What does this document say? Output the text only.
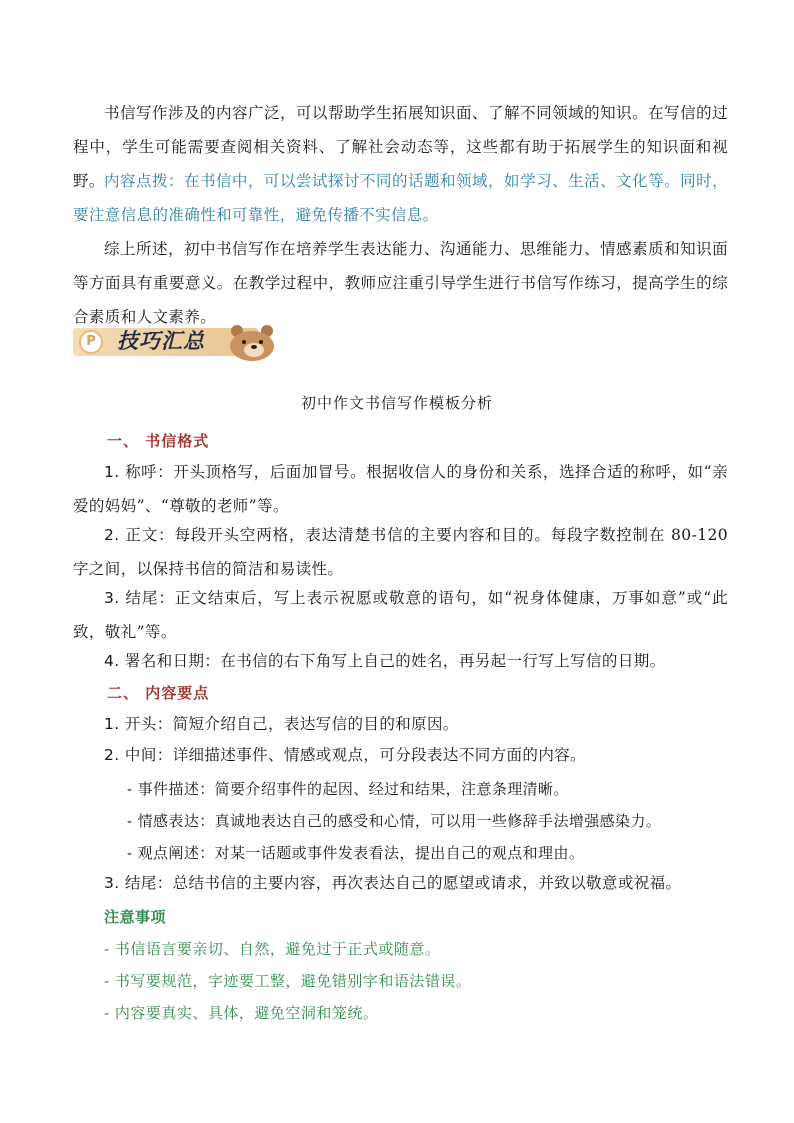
书信写作涉及的内容广泛，可以帮助学生拓展知识面、了解不同领域的知识。在写信的过程中，学生可能需要查阅相关资料、了解社会动态等，这些都有助于拓展学生的知识面和视野。 内容点拨：在书信中，可以尝试探讨不同的话题和领域，如学习、生活、文化等。同时，要注意信息的准确性和可靠性，避免传播不实信息。

综上所述，初中书信写作在培养学生表达能力、沟通能力、思维能力、情感素质和知识面等方面具有重要意义。在教学过程中，教师应注重引导学生进行书信写作练习，提高学生的综合素质和人文素养。

P	技巧汇总

初中作文书信写作模板分析

一、 书信格式

1. 称呼：开头顶格写，后面加冒号。根据收信人的身份和关系，选择合适的称呼，如“亲爱的妈妈”、“尊敬的老师”等。

2. 正文：每段开头空两格，表达清楚书信的主要内容和目的。每段字数控制在 80-120 字之间，以保持书信的简洁和易读性。

3. 结尾：正文结束后，写上表示祝愿或敬意的语句，如“祝身体健康，万事如意”或“此致，敬礼”等。

4. 署名和日期：在书信的右下角写上自己的姓名，再另起一行写上写信的日期。

二、 内容要点

1. 开头：简短介绍自己，表达写信的目的和原因。

2. 中间：详细描述事件、情感或观点，可分段表达不同方面的内容。

- 事件描述：简要介绍事件的起因、经过和结果，注意条理清晰。

- 情感表达：真诚地表达自己的感受和心情，可以用一些修辞手法增强感染力。

- 观点阐述：对某一话题或事件发表看法，提出自己的观点和理由。

3. 结尾：总结书信的主要内容，再次表达自己的愿望或请求，并致以敬意或祝福。

注意事项

- 书信语言要亲切、自然，避免过于正式或随意。

- 书写要规范，字迹要工整，避免错别字和语法错误。

- 内容要真实、具体，避免空洞和笼统。
